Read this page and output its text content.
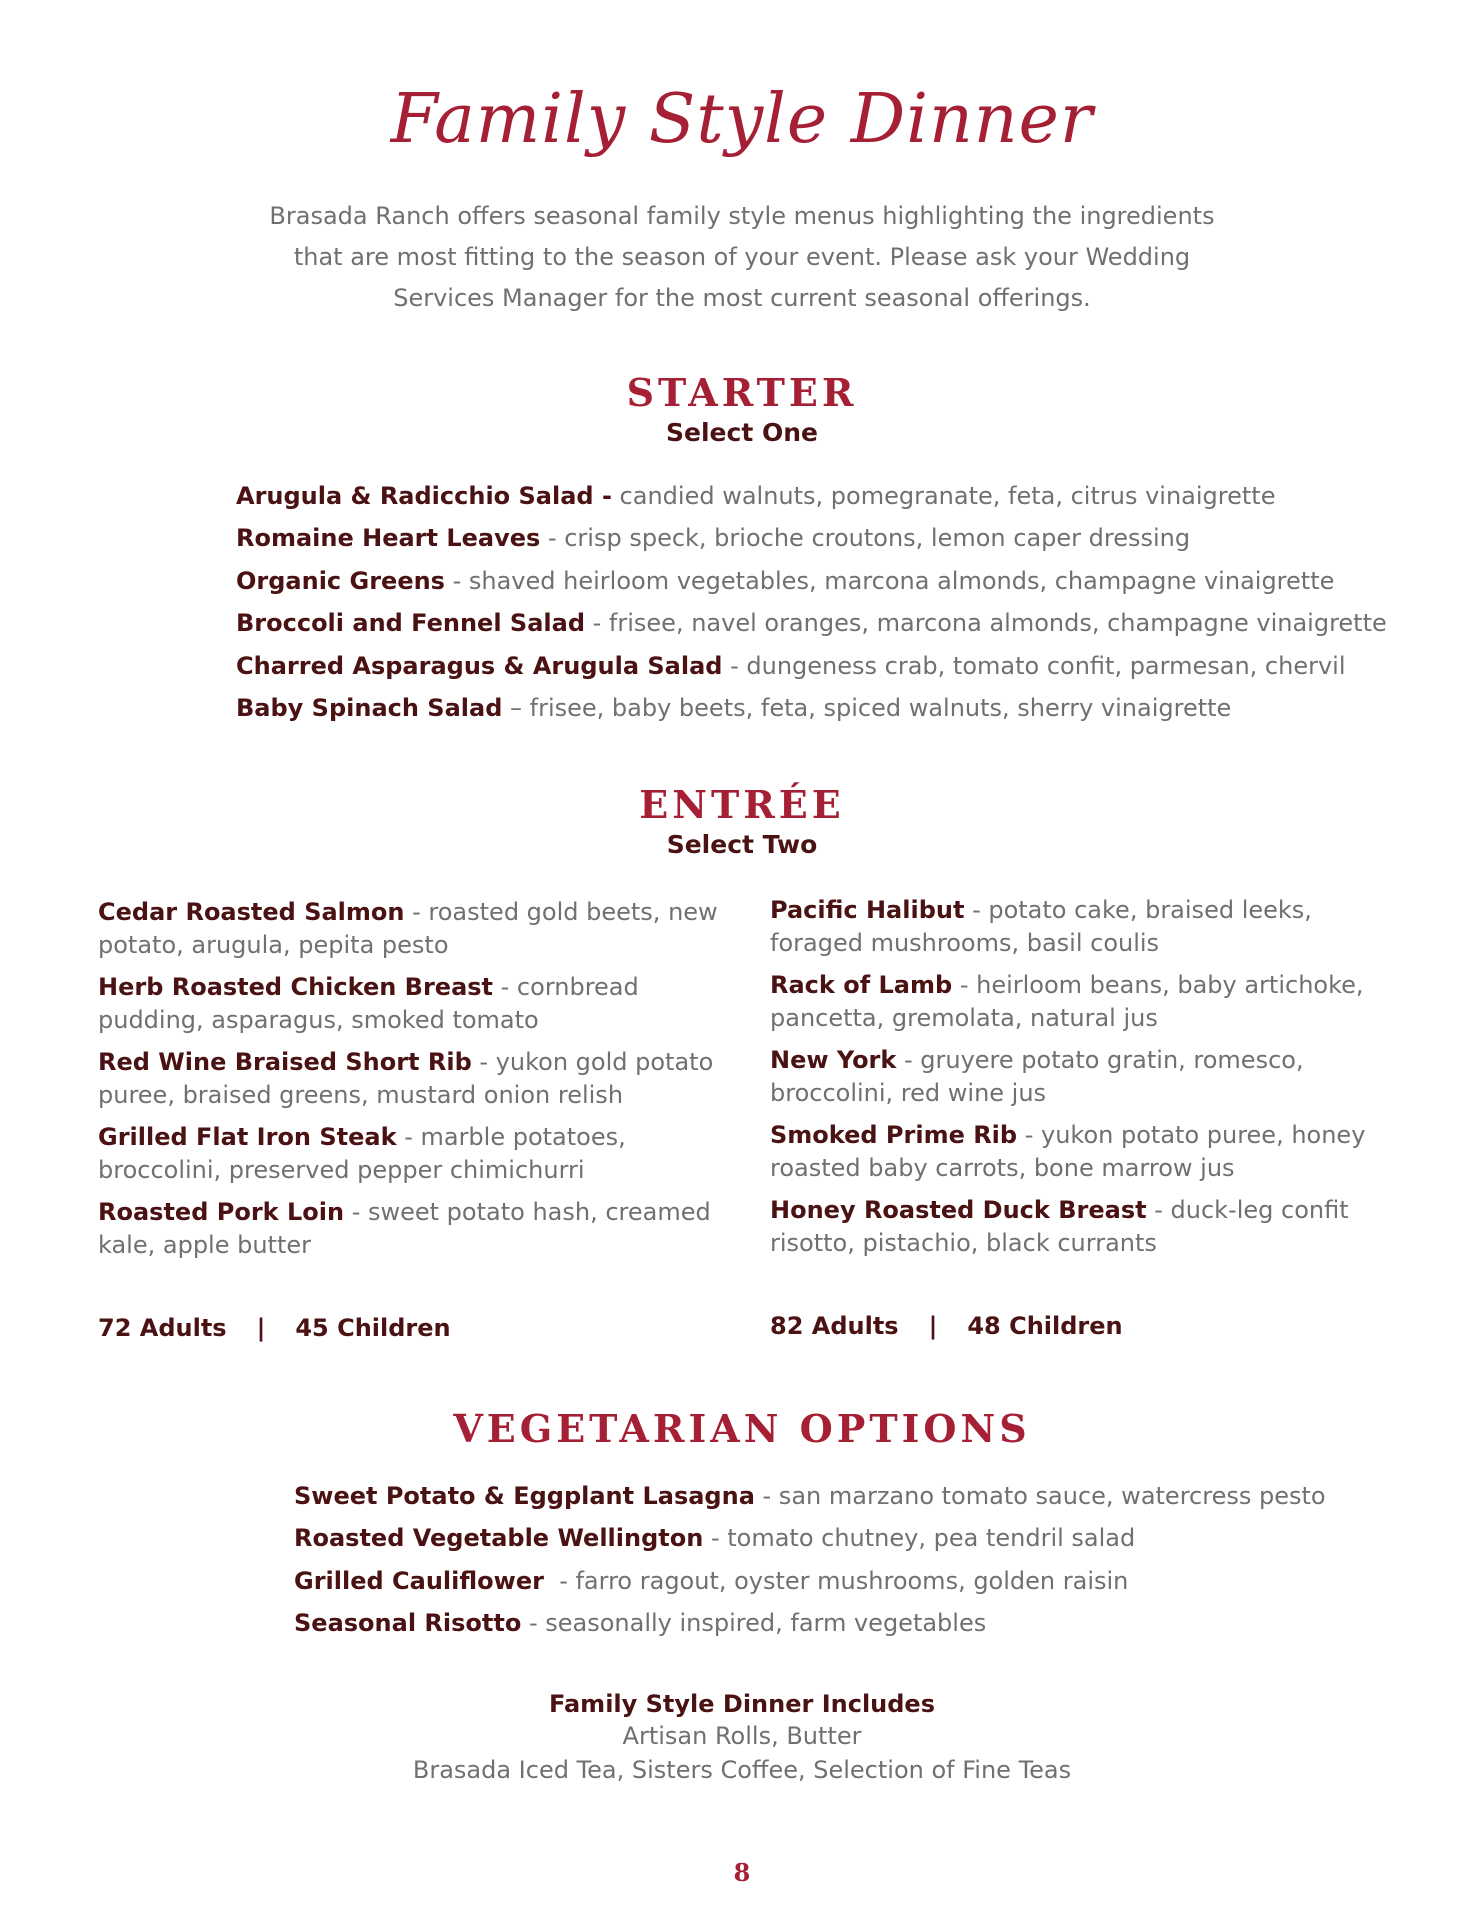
Family Style Dinner

Brasada Ranch offers seasonal family style menus highlighting the ingredients that are most fitting to the season of your event. Please ask your Wedding Services Manager for the most current seasonal offerings.

STARTER
Select One
Arugula & Radicchio Salad - candied walnuts, pomegranate, feta, citrus vinaigrette
Romaine Heart Leaves - crisp speck, brioche croutons, lemon caper dressing
Organic Greens - shaved heirloom vegetables, marcona almonds, champagne vinaigrette
Broccoli and Fennel Salad - frisee, navel oranges, marcona almonds, champagne vinaigrette
Charred Asparagus & Arugula Salad - dungeness crab, tomato confit, parmesan, chervil
Baby Spinach Salad – frisee, baby beets, feta, spiced walnuts, sherry vinaigrette
ENTRÉE
Select Two
Cedar Roasted Salmon - roasted gold beets, new potato, arugula, pepita pesto
Herb Roasted Chicken Breast - cornbread pudding, asparagus, smoked tomato
Red Wine Braised Short Rib - yukon gold potato puree, braised greens, mustard onion relish
Grilled Flat Iron Steak - marble potatoes, broccolini, preserved pepper chimichurri
Roasted Pork Loin - sweet potato hash, creamed kale, apple butter
Pacific Halibut - potato cake, braised leeks, foraged mushrooms, basil coulis
Rack of Lamb - heirloom beans, baby artichoke, pancetta, gremolata, natural jus
New York - gruyere potato gratin, romesco, broccolini, red wine jus
Smoked Prime Rib - yukon potato puree, honey roasted baby carrots, bone marrow jus
Honey Roasted Duck Breast - duck-leg confit risotto, pistachio, black currants
72 Adults | 45 Children	82 Adults | 48 Children
VEGETARIAN OPTIONS
Sweet Potato & Eggplant Lasagna - san marzano tomato sauce, watercress pesto
Roasted Vegetable Wellington - tomato chutney, pea tendril salad
Grilled Cauliflower  - farro ragout, oyster mushrooms, golden raisin
Seasonal Risotto - seasonally inspired, farm vegetables
Family Style Dinner Includes
Artisan Rolls, Butter
Brasada Iced Tea, Sisters Coffee, Selection of Fine Teas
8
